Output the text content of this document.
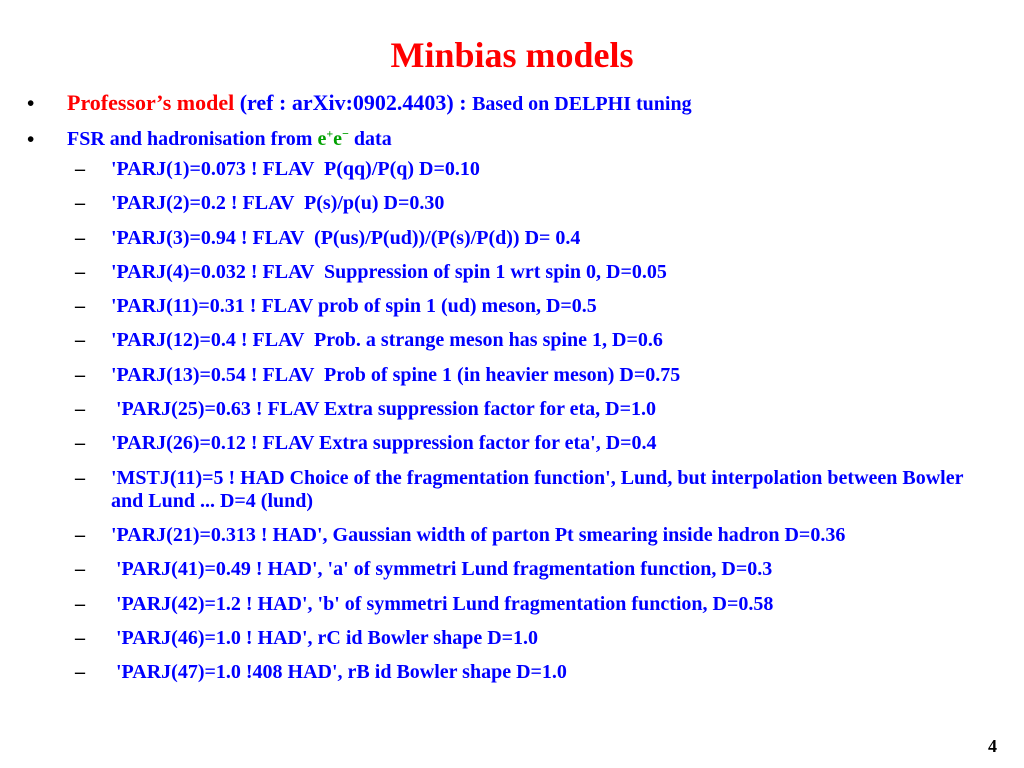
Minbias models
•	Professor’s model (ref : arXiv:0902.4403) : Based on DELPHI tuning
•	FSR and hadronisation from e+e− data
– 'PARJ(1)=0.073 ! FLAV  P(qq)/P(q) D=0.10
– 'PARJ(2)=0.2 ! FLAV  P(s)/p(u) D=0.30
– 'PARJ(3)=0.94 ! FLAV  (P(us)/P(ud))/(P(s)/P(d)) D= 0.4
– 'PARJ(4)=0.032 ! FLAV  Suppression of spin 1 wrt spin 0, D=0.05
– 'PARJ(11)=0.31 ! FLAV prob of spin 1 (ud) meson, D=0.5
– 'PARJ(12)=0.4 ! FLAV  Prob. a strange meson has spine 1, D=0.6
– 'PARJ(13)=0.54 ! FLAV  Prob of spine 1 (in heavier meson) D=0.75
– 'PARJ(25)=0.63 ! FLAV Extra suppression factor for eta, D=1.0
– 'PARJ(26)=0.12 ! FLAV Extra suppression factor for eta', D=0.4
– 'MSTJ(11)=5 ! HAD Choice of the fragmentation function', Lund, but interpolation between Bowler and Lund ... D=4 (lund)
– 'PARJ(21)=0.313 ! HAD', Gaussian width of parton Pt smearing inside hadron D=0.36
– 'PARJ(41)=0.49 ! HAD', 'a' of symmetri Lund fragmentation function, D=0.3
– 'PARJ(42)=1.2 ! HAD', 'b' of symmetri Lund fragmentation function, D=0.58
– 'PARJ(46)=1.0 ! HAD', rC id Bowler shape D=1.0
– 'PARJ(47)=1.0 !408 HAD', rB id Bowler shape D=1.0
4
